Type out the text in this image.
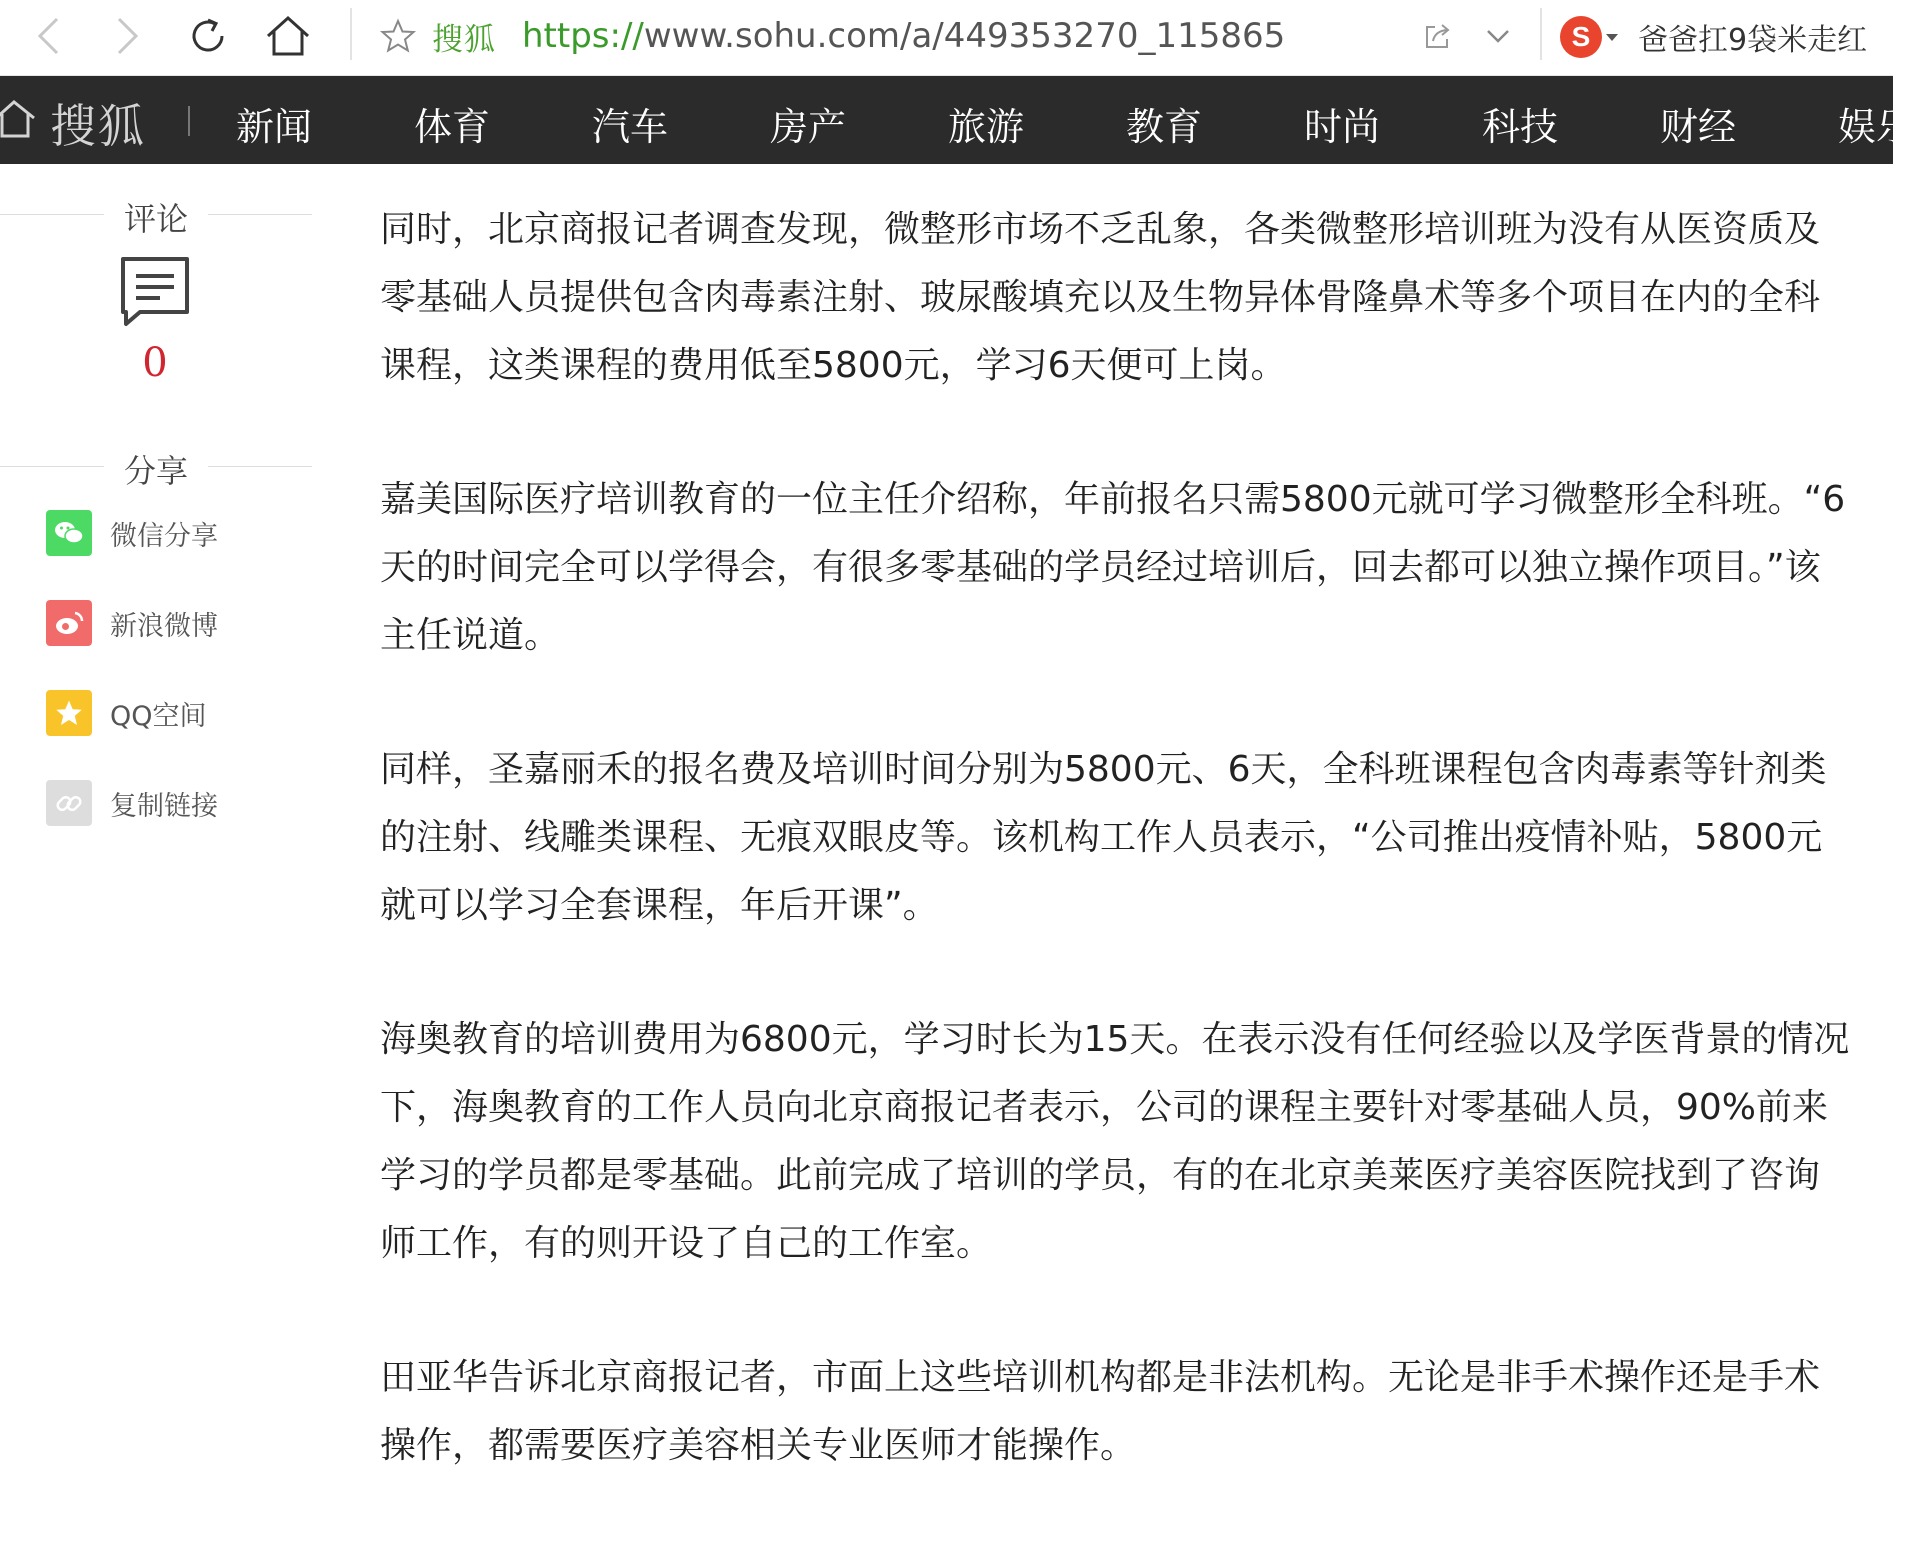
搜狐 https://www.sohu.com/a/449353270_115865	S	爸爸扛9袋米走红
搜狐 新闻	体育	汽车	房产	旅游	教育	时尚	科技	财经	娱乐
评论
0
分享
微信分享
新浪微博
QQ空间
复制链接

同时，北京商报记者调查发现，微整形市场不乏乱象，各类微整形培训班为没有从医资质及零基础人员提供包含肉毒素注射、玻尿酸填充以及生物异体骨隆鼻术等多个项目在内的全科课程，这类课程的费用低至5800元，学习6天便可上岗。

嘉美国际医疗培训教育的一位主任介绍称，年前报名只需5800元就可学习微整形全科班。“6天的时间完全可以学得会，有很多零基础的学员经过培训后，回去都可以独立操作项目。”该主任说道。

同样，圣嘉丽禾的报名费及培训时间分别为5800元、6天，全科班课程包含肉毒素等针剂类的注射、线雕类课程、无痕双眼皮等。该机构工作人员表示，“公司推出疫情补贴，5800元就可以学习全套课程，年后开课”。

海奥教育的培训费用为6800元，学习时长为15天。在表示没有任何经验以及学医背景的情况下，海奥教育的工作人员向北京商报记者表示，公司的课程主要针对零基础人员，90%前来学习的学员都是零基础。此前完成了培训的学员，有的在北京美莱医疗美容医院找到了咨询师工作，有的则开设了自己的工作室。

田亚华告诉北京商报记者，市面上这些培训机构都是非法机构。无论是非手术操作还是手术操作，都需要医疗美容相关专业医师才能操作。
